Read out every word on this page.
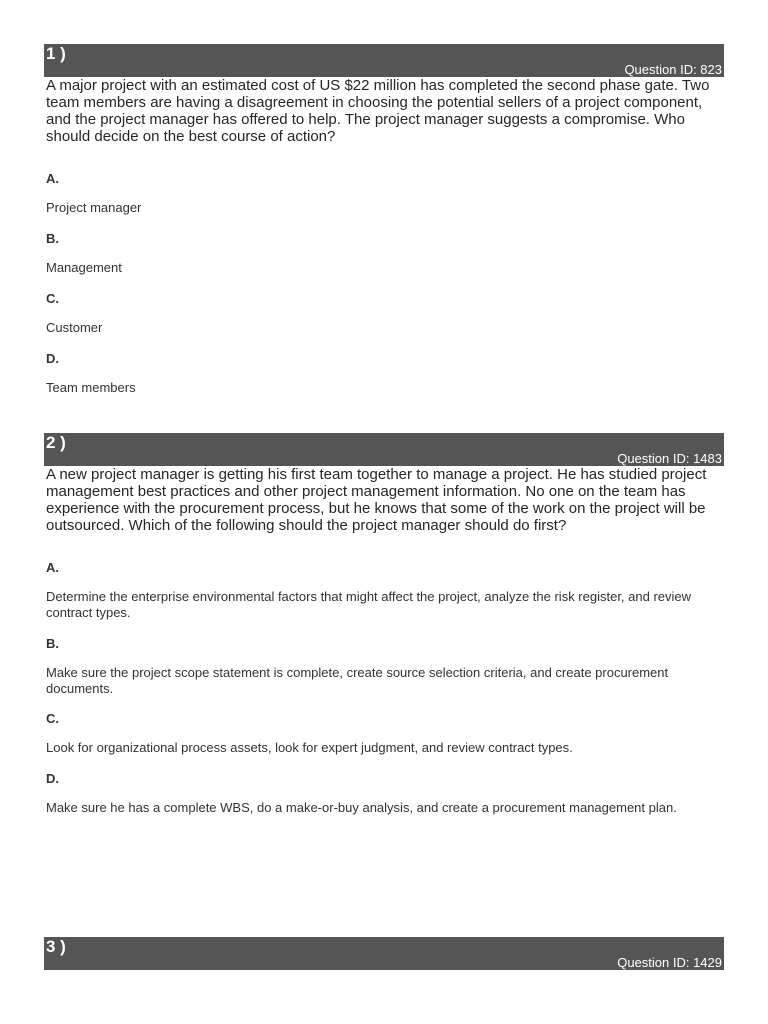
1 )
Question ID: 823

A major project with an estimated cost of US $22 million has completed the second phase gate. Two team members are having a disagreement in choosing the potential sellers of a project component, and the project manager has offered to help. The project manager suggests a compromise. Who should decide on the best course of action?

A.
Project manager
B.
Management
C.
Customer
D.
Team members
2 )
Question ID: 1483

A new project manager is getting his first team together to manage a project. He has studied project management best practices and other project management information. No one on the team has experience with the procurement process, but he knows that some of the work on the project will be outsourced. Which of the following should the project manager should do first?

A.
Determine the enterprise environmental factors that might affect the project, analyze the risk register, and review contract types.
B.
Make sure the project scope statement is complete, create source selection criteria, and create procurement documents.
C.
Look for organizational process assets, look for expert judgment, and review contract types.
D.
Make sure he has a complete WBS, do a make-or-buy analysis, and create a procurement management plan.
3 )
Question ID: 1429
